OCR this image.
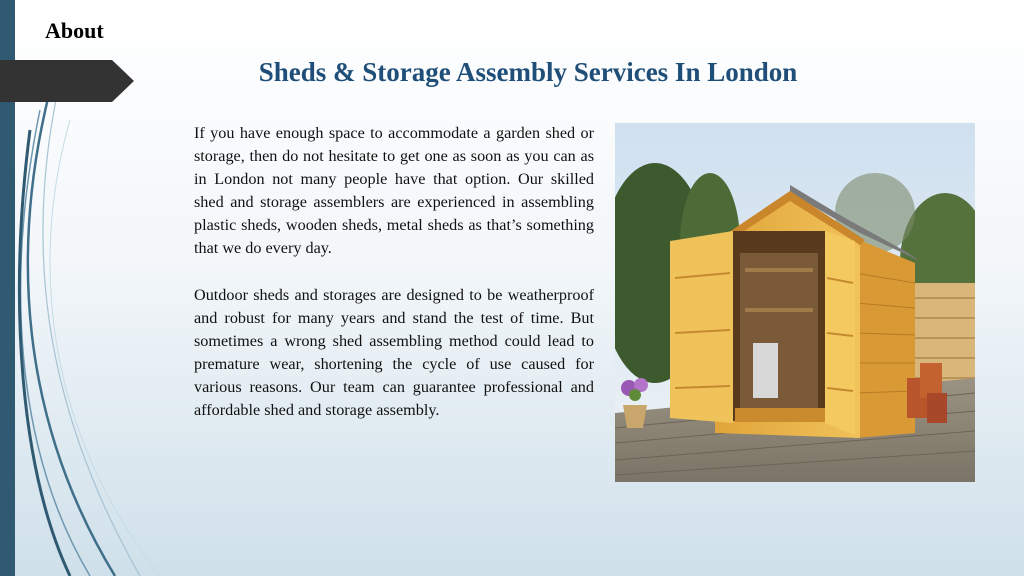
About
Sheds & Storage Assembly Services In London

If you have enough space to accommodate a garden shed or storage, then do not hesitate to get one as soon as you can as in London not many people have that option. Our skilled shed and storage assemblers are experienced in assembling plastic sheds, wooden sheds, metal sheds as that’s something that we do every day.

Outdoor sheds and storages are designed to be weatherproof and robust for many years and stand the test of time. But sometimes a wrong shed assembling method could lead to premature wear, shortening the cycle of use caused for various reasons. Our team can guarantee professional and affordable shed and storage assembly.
